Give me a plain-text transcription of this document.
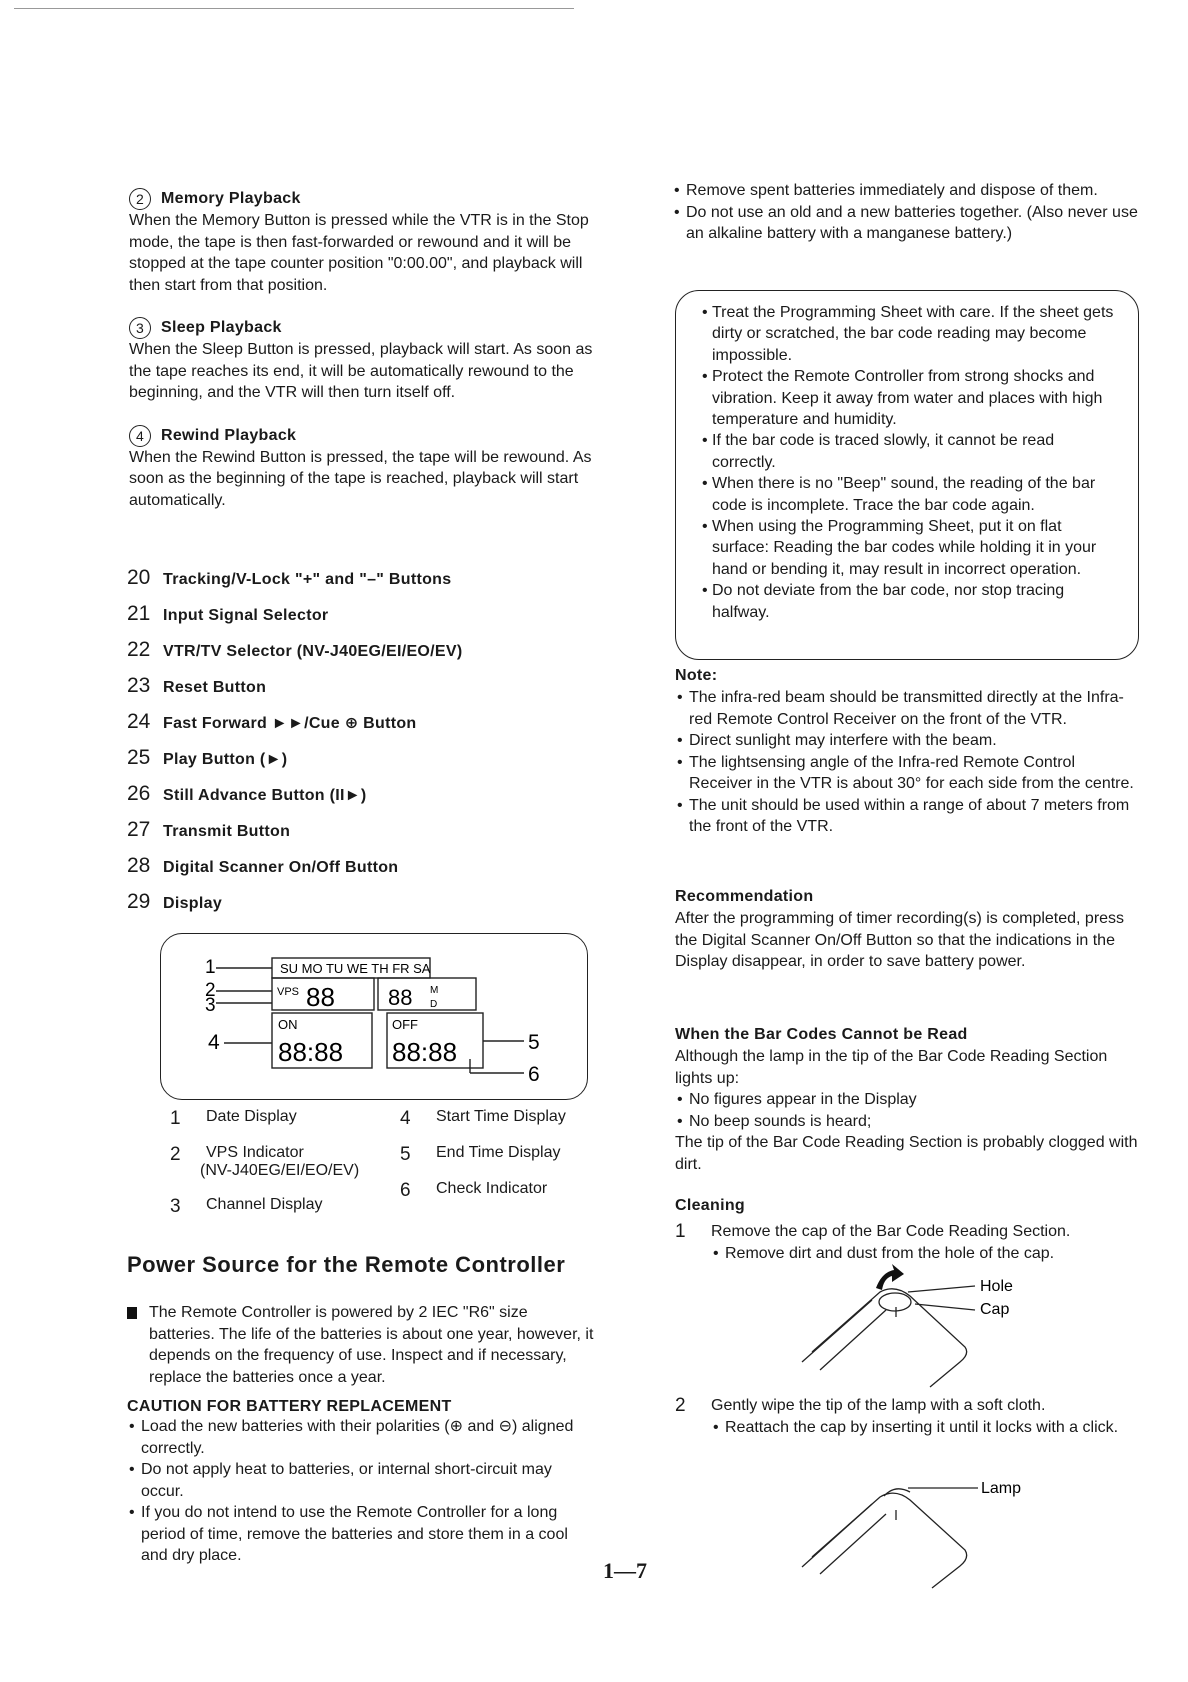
2	Memory Playback

When the Memory Button is pressed while the VTR is in the Stop mode, the tape is then fast-forwarded or rewound and it will be stopped at the tape counter position "0:00.00", and playback will then start from that position.

3	Sleep Playback

When the Sleep Button is pressed, playback will start. As soon as the tape reaches its end, it will be automatically rewound to the beginning, and the VTR will then turn itself off.

4	Rewind Playback

When the Rewind Button is pressed, the tape will be rewound. As soon as the beginning of the tape is reached, playback will start automatically.

20 Tracking/V-Lock "+" and "–" Buttons
21 Input Signal Selector
22 VTR/TV Selector (NV-J40EG/EI/EO/EV)
23 Reset Button
24 Fast Forward ►►/Cue ⊕ Button
25 Play Button (►)
26 Still Advance Button (II►)
27 Transmit Button
28 Digital Scanner On/Off Button
29 Display
SU MO TU WE TH FR SA
VPS 88 88 M
D
ON	OFF
88:88 88:88
1
2
3
4	5
6
1	Date Display
2	VPS Indicator
(NV-J40EG/EI/EO/EV)
3	Channel Display
4	Start Time Display
5	End Time Display
6	Check Indicator
Power Source for the Remote Controller

The Remote Controller is powered by 2 IEC "R6" size batteries. The life of the batteries is about one year, however, it depends on the frequency of use. Inspect and if necessary, replace the batteries once a year.

CAUTION FOR BATTERY REPLACEMENT
• Load the new batteries with their polarities (⊕ and ⊖) aligned correctly.
• Do not apply heat to batteries, or internal short-circuit may occur.
• If you do not intend to use the Remote Controller for a long period of time, remove the batteries and store them in a cool and dry place.
• Remove spent batteries immediately and dispose of them.
• Do not use an old and a new batteries together. (Also never use an alkaline battery with a manganese battery.)
• Treat the Programming Sheet with care. If the sheet gets dirty or scratched, the bar code reading may become impossible.
• Protect the Remote Controller from strong shocks and vibration. Keep it away from water and places with high temperature and humidity.
• If the bar code is traced slowly, it cannot be read correctly.
• When there is no "Beep" sound, the reading of the bar code is incomplete. Trace the bar code again.
• When using the Programming Sheet, put it on flat surface: Reading the bar codes while holding it in your hand or bending it, may result in incorrect operation.
• Do not deviate from the bar code, nor stop tracing halfway.
Note:
• The infra-red beam should be transmitted directly at the Infra-red Remote Control Receiver on the front of the VTR.
• Direct sunlight may interfere with the beam.
• The lightsensing angle of the Infra-red Remote Control Receiver in the VTR is about 30° for each side from the centre.
• The unit should be used within a range of about 7 meters from the front of the VTR.
Recommendation

After the programming of timer recording(s) is completed, press the Digital Scanner On/Off Button so that the indications in the Display disappear, in order to save battery power.

When the Bar Codes Cannot be Read

Although the lamp in the tip of the Bar Code Reading Section lights up:

• No figures appear in the Display
• No beep sounds is heard;

The tip of the Bar Code Reading Section is probably clogged with dirt.

Cleaning
1	Remove the cap of the Bar Code Reading Section.

• Remove dirt and dust from the hole of the cap.
Hole
Cap
2	Gently wipe the tip of the lamp with a soft cloth.

• Reattach the cap by inserting it until it locks with a click.
Lamp
1—7
